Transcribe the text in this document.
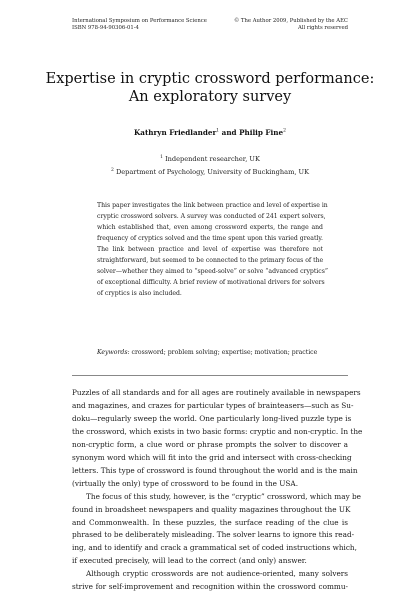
International Symposium on Performance Science
ISBN 978-94-90306-01-4
© The Author 2009, Published by the AEC
All rights reserved
Expertise in cryptic crossword performance:
An exploratory survey
Kathryn Friedlander$^1$ and Philip Fine$^2$
$^1$ Independent researcher, UK
$^2$ Department of Psychology, University of Buckingham, UK
This paper investigates the link between practice and level of expertise in
cryptic crossword solvers. A survey was conducted of 241 expert solvers,
which established that, even among crossword experts, the range and
frequency of cryptics solved and the time spent upon this varied greatly.
The link between practice and level of expertise was therefore not
straightforward, but seemed to be connected to the primary focus of the
solver—whether they aimed to “speed-solve” or solve “advanced cryptics”
of exceptional difficulty. A brief review of motivational drivers for solvers
of cryptics is also included.
Keywords: crossword; problem solving; expertise; motivation; practice
Puzzles of all standards and for all ages are routinely available in newspapers
and magazines, and crazes for particular types of brainteasers—such as Su-
doku—regularly sweep the world. One particularly long-lived puzzle type is
the crossword, which exists in two basic forms: cryptic and non-cryptic. In the
non-cryptic form, a clue word or phrase prompts the solver to discover a
synonym word which will fit into the grid and intersect with cross-checking
letters. This type of crossword is found throughout the world and is the main
(virtually the only) type of crossword to be found in the USA.
The focus of this study, however, is the “cryptic” crossword, which may be
found in broadsheet newspapers and quality magazines throughout the UK
and Commonwealth. In these puzzles, the surface reading of the clue is
phrased to be deliberately misleading. The solver learns to ignore this read-
ing, and to identify and crack a grammatical set of coded instructions which,
if executed precisely, will lead to the correct (and only) answer.
Although cryptic crosswords are not audience-oriented, many solvers
strive for self-improvement and recognition within the crossword commu-
